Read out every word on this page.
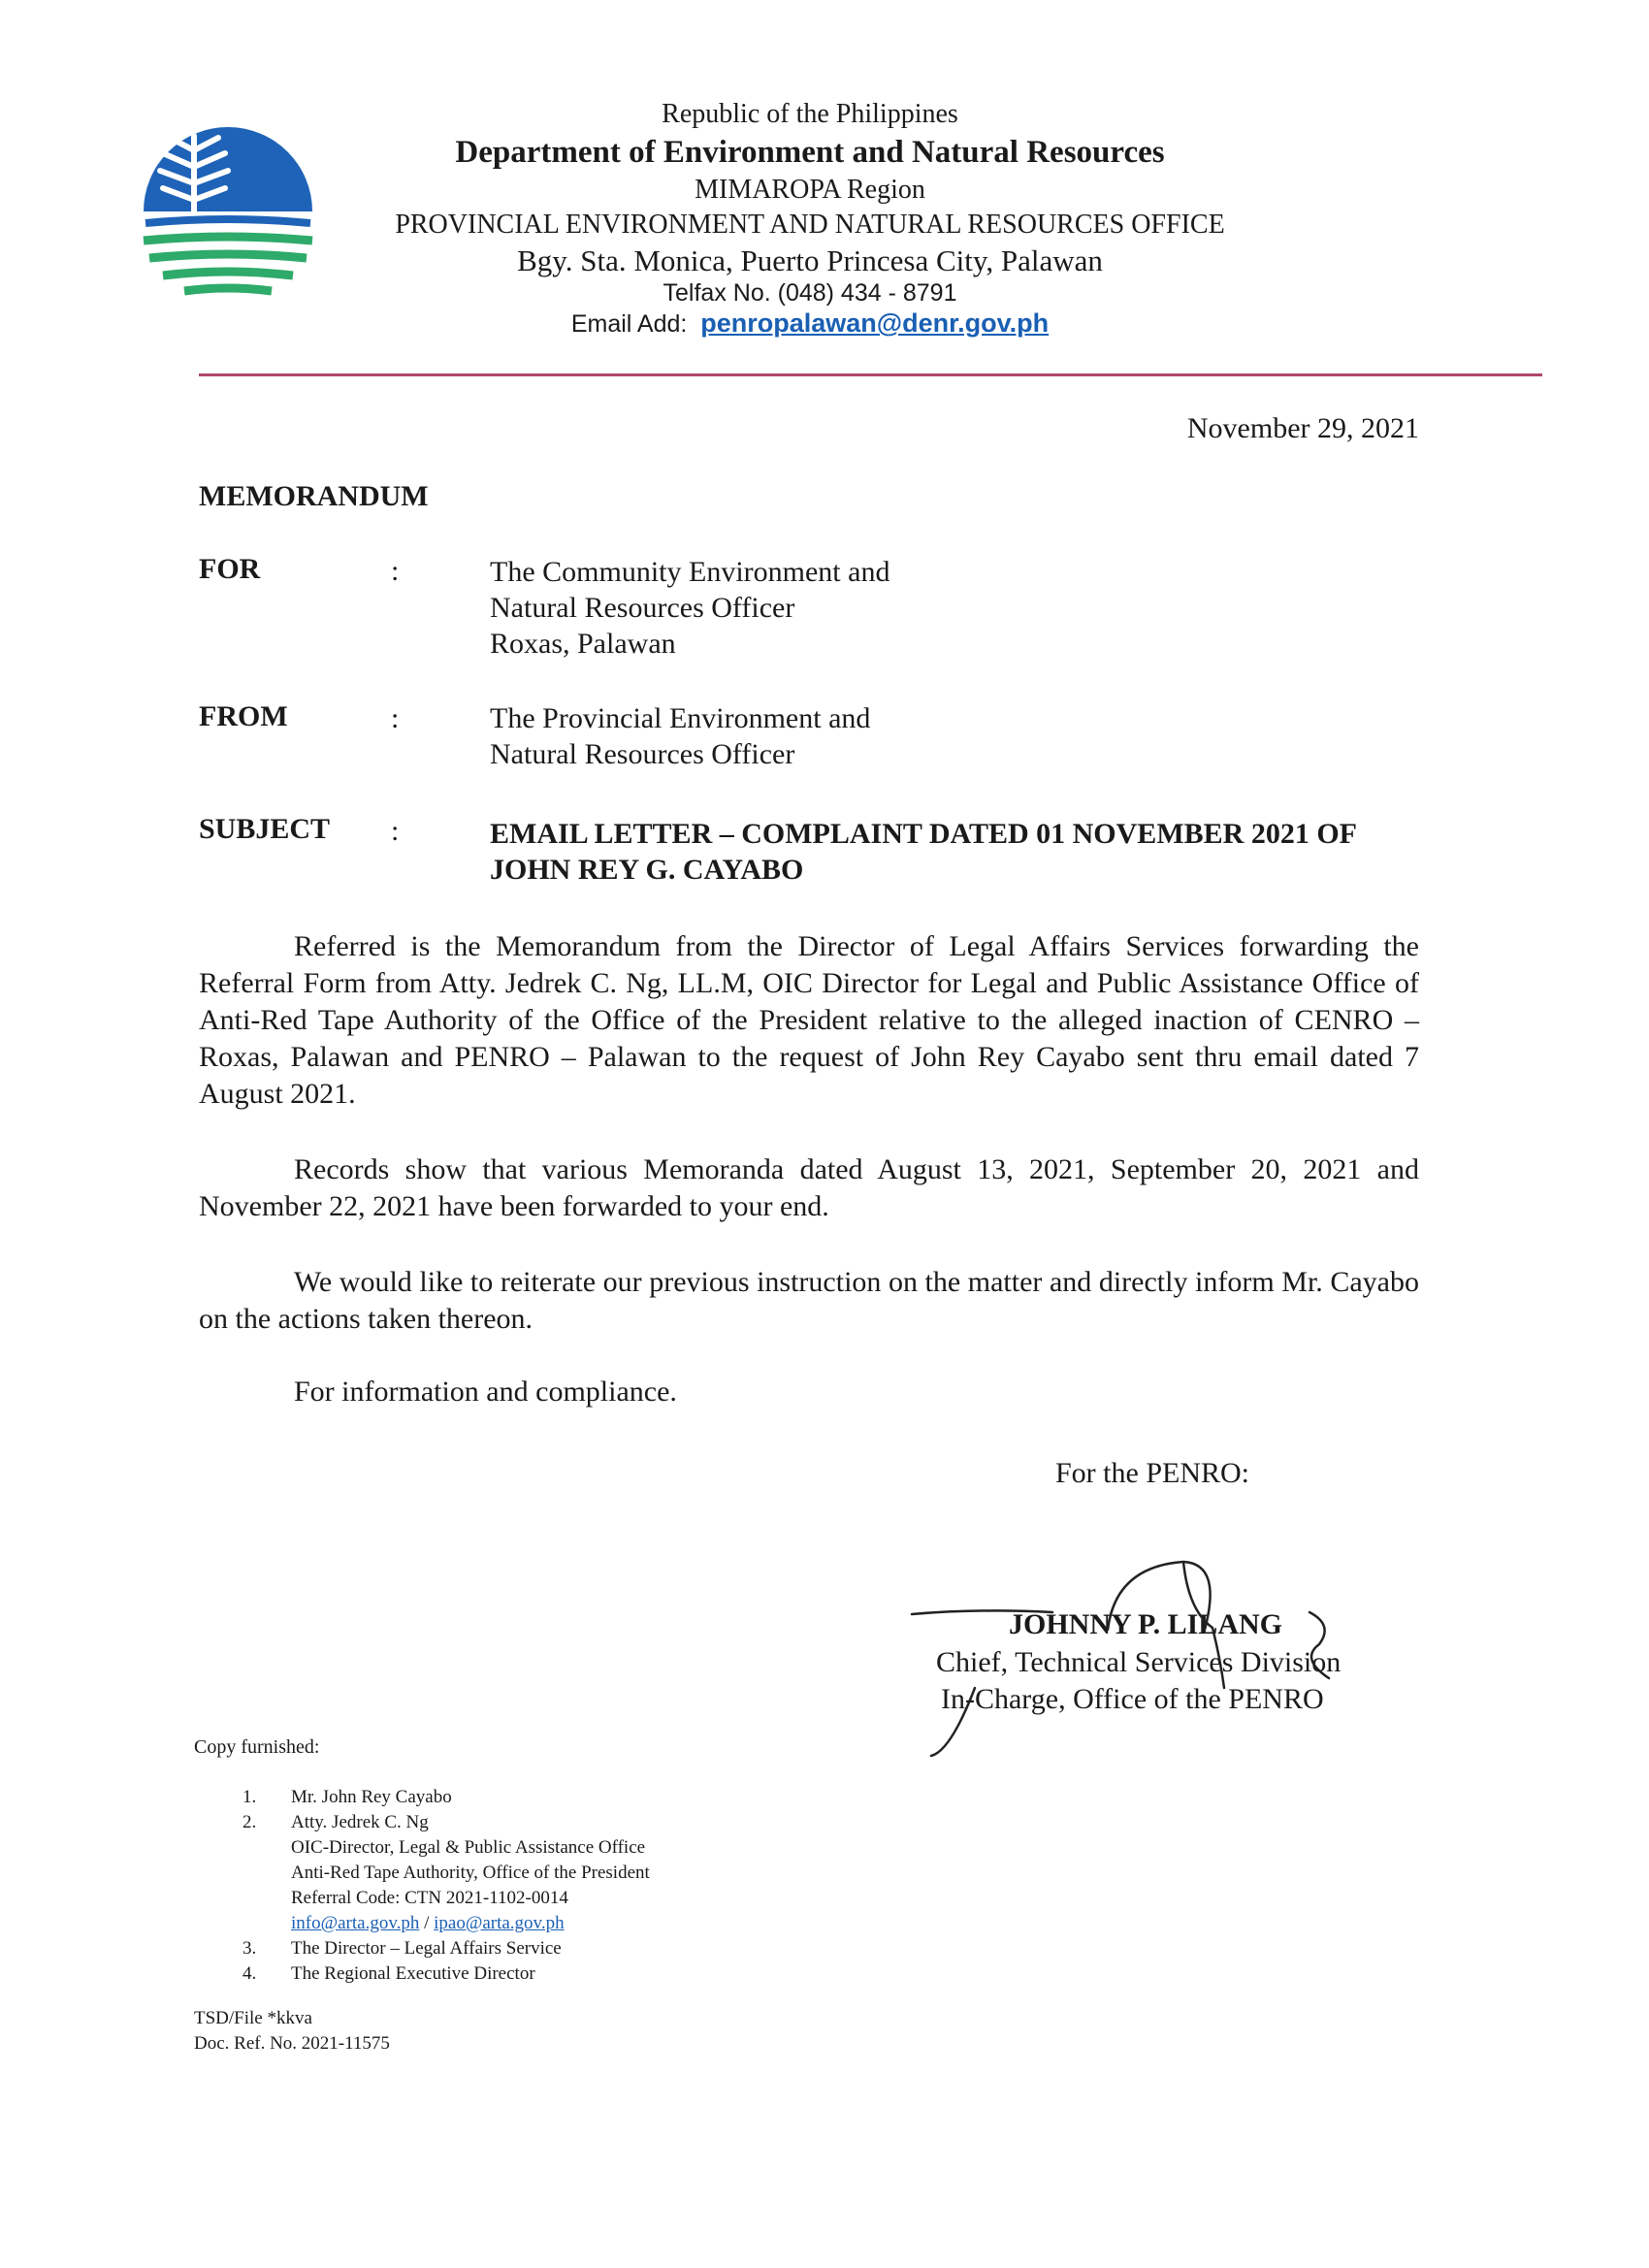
Republic of the Philippines
Department of Environment and Natural Resources
MIMAROPA Region
PROVINCIAL ENVIRONMENT AND NATURAL RESOURCES OFFICE
Bgy. Sta. Monica, Puerto Princesa City, Palawan
Telfax No. (048) 434 - 8791
Email Add: penropalawan@denr.gov.ph
November 29, 2021
MEMORANDUM
FOR	:	The Community Environment and
Natural Resources Officer
Roxas, Palawan
FROM	:	The Provincial Environment and
Natural Resources Officer
SUBJECT :	EMAIL LETTER – COMPLAINT DATED 01 NOVEMBER 2021 OF JOHN REY G. CAYABO
Referred is the Memorandum from the Director of Legal Affairs Services forwarding the Referral Form from Atty. Jedrek C. Ng, LL.M, OIC Director for Legal and Public Assistance Office of Anti-Red Tape Authority of the Office of the President relative to the alleged inaction of CENRO – Roxas, Palawan and PENRO – Palawan to the request of John Rey Cayabo sent thru email dated 7 August 2021.
Records show that various Memoranda dated August 13, 2021, September 20, 2021 and November 22, 2021 have been forwarded to your end.
We would like to reiterate our previous instruction on the matter and directly inform Mr. Cayabo on the actions taken thereon.
For information and compliance.
For the PENRO:
JOHNNY P. LILANG
Chief, Technical Services Division
In-Charge, Office of the PENRO
Copy furnished:
1.	Mr. John Rey Cayabo
2.	Atty. Jedrek C. Ng
OIC-Director, Legal & Public Assistance Office
Anti-Red Tape Authority, Office of the President
Referral Code: CTN 2021-1102-0014
info@arta.gov.ph / ipao@arta.gov.ph
3.	The Director – Legal Affairs Service
4.	The Regional Executive Director
TSD/File *kkva
Doc. Ref. No. 2021-11575
